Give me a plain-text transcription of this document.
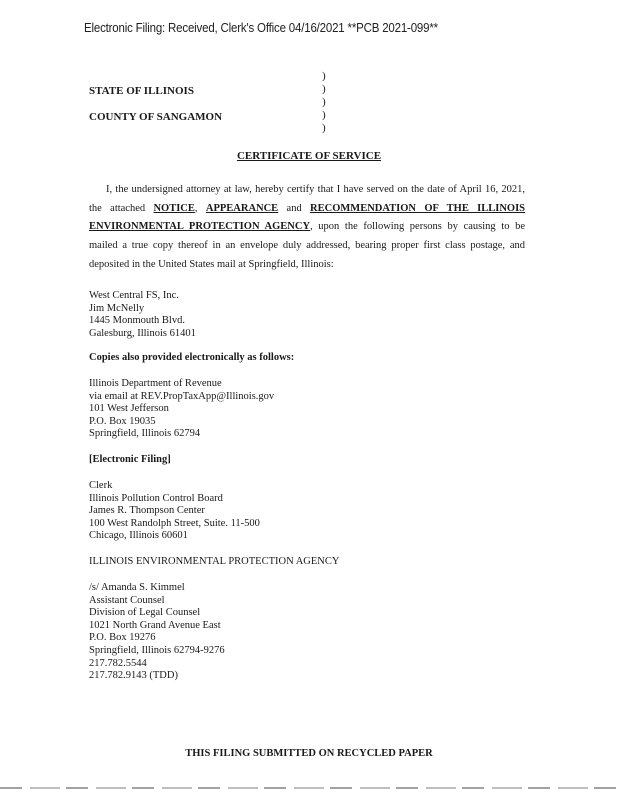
Electronic Filing: Received, Clerk's Office 04/16/2021 **PCB 2021-099**
STATE OF ILLINOIS
COUNTY OF SANGAMON
)
)
)
)
)
CERTIFICATE OF SERVICE

I, the undersigned attorney at law, hereby certify that I have served on the date of April 16, 2021, the attached NOTICE, APPEARANCE and RECOMMENDATION OF THE ILLINOIS ENVIRONMENTAL PROTECTION AGENCY, upon the following persons by causing to be mailed a true copy thereof in an envelope duly addressed, bearing proper first class postage, and deposited in the United States mail at Springfield, Illinois:

West Central FS, Inc.
Jim McNelly
1445 Monmouth Blvd.
Galesburg, Illinois 61401
Copies also provided electronically as follows:
Illinois Department of Revenue
via email at REV.PropTaxApp@Illinois.gov
101 West Jefferson
P.O. Box 19035
Springfield, Illinois 62794
[Electronic Filing]
Clerk
Illinois Pollution Control Board
James R. Thompson Center
100 West Randolph Street, Suite. 11-500
Chicago, Illinois 60601
ILLINOIS ENVIRONMENTAL PROTECTION AGENCY
/s/ Amanda S. Kimmel
Assistant Counsel
Division of Legal Counsel
1021 North Grand Avenue East
P.O. Box 19276
Springfield, Illinois 62794-9276
217.782.5544
217.782.9143 (TDD)
THIS FILING SUBMITTED ON RECYCLED PAPER
